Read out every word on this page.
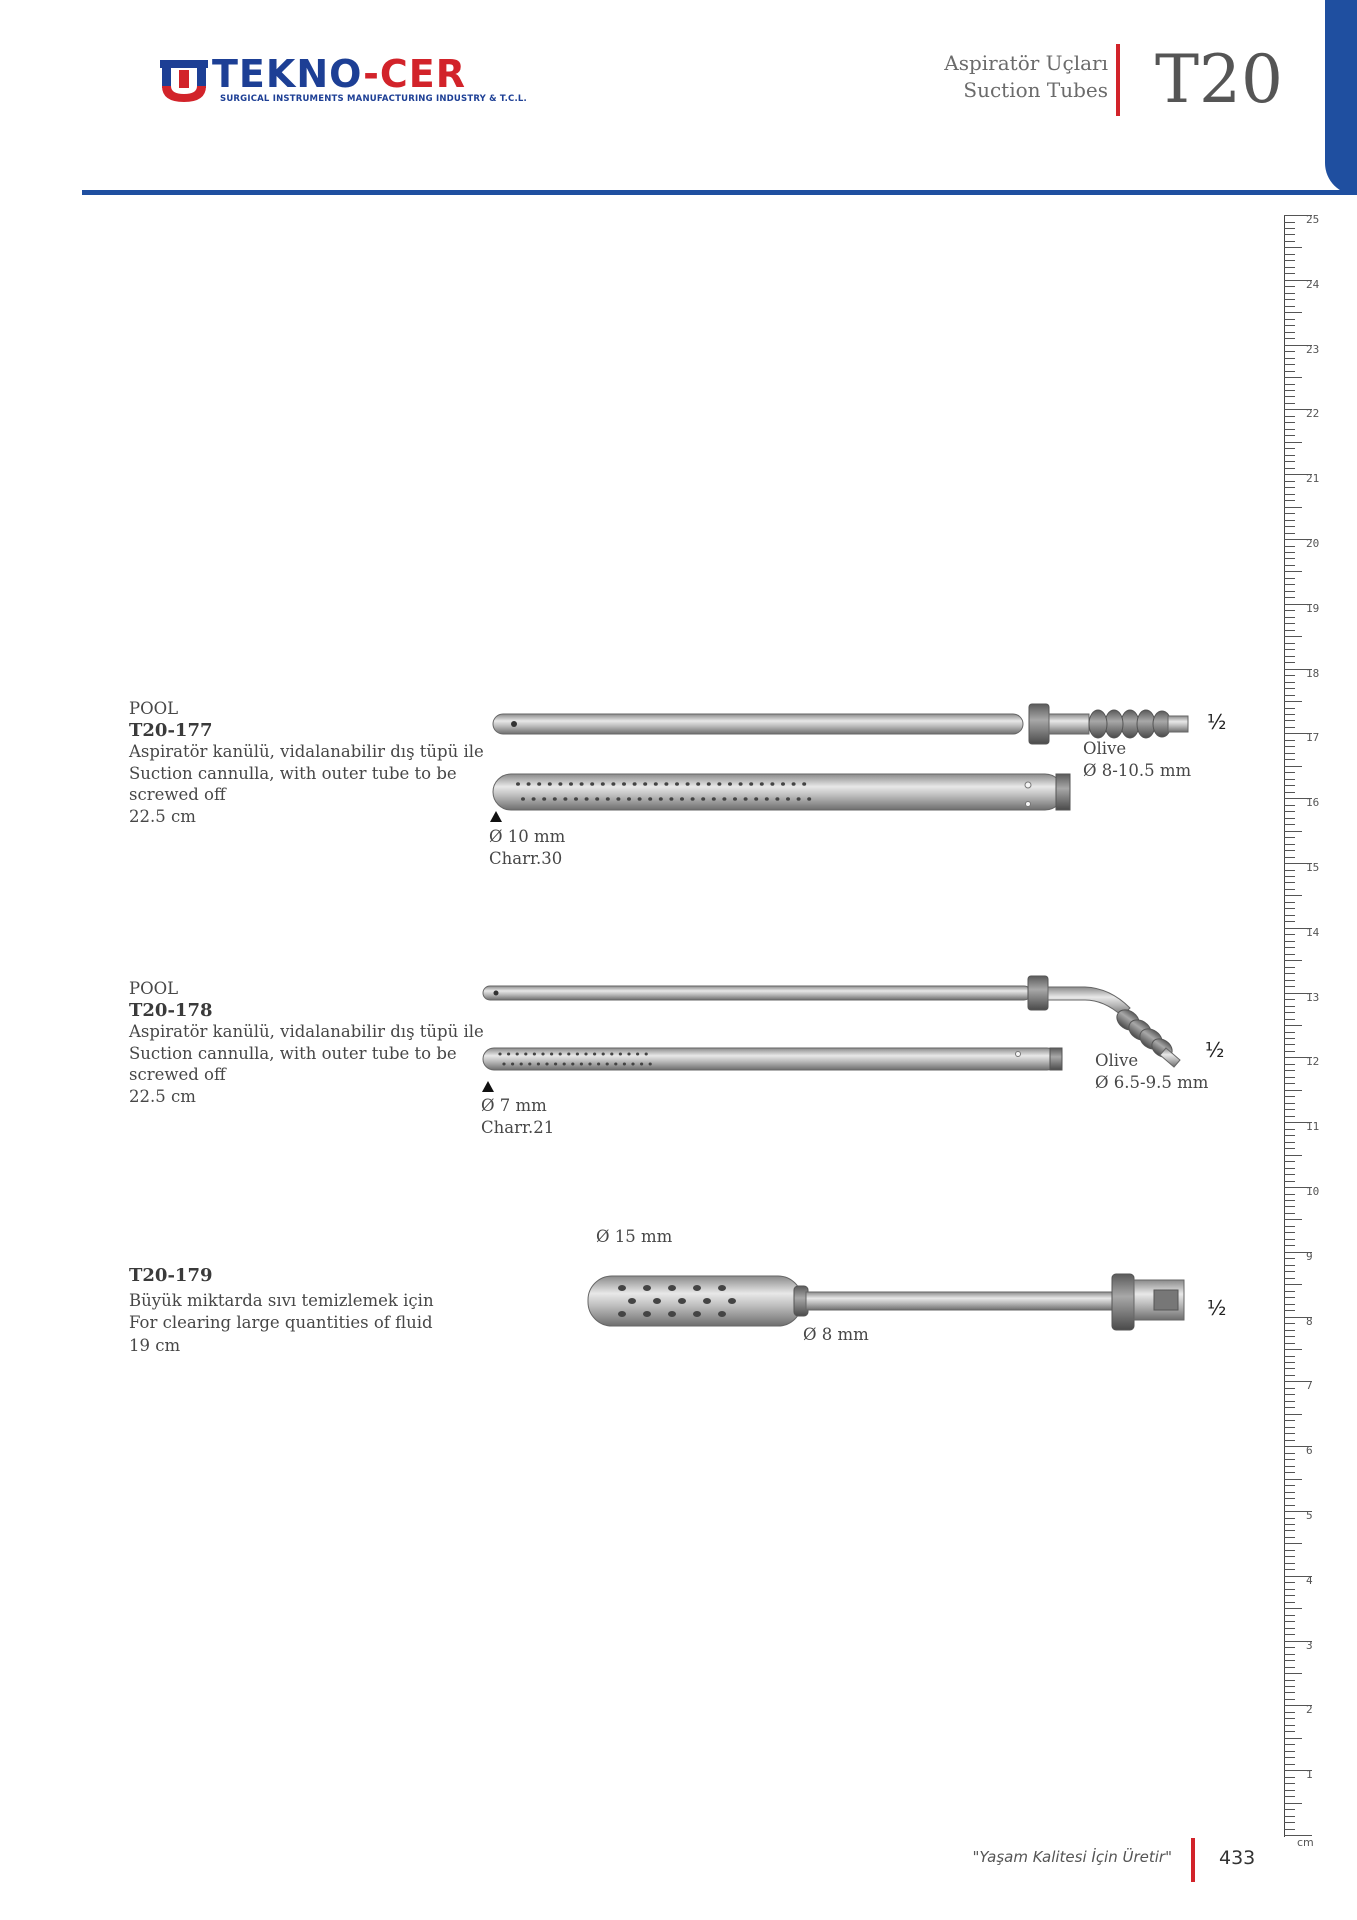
TEKNO-CER
SURGICAL INSTRUMENTS MANUFACTURING INDUSTRY & T.C.L.
Aspiratör Uçları
Suction Tubes T20
25
24
23
22
21
20
19
18
17
16
15
14
13
12
11
10
9
8
7
6
5
4
3
2
1
cm
POOL
T20-177
Aspiratör kanülü, vidalanabilir dış tüpü ile
Suction cannulla, with outer tube to be
screwed off
22.5 cm
½
Olive
Ø 8-10.5 mm
Ø 10 mm
Charr.30
POOL
T20-178
Aspiratör kanülü, vidalanabilir dış tüpü ile
Suction cannulla, with outer tube to be
screwed off
22.5 cm
½
Olive
Ø 6.5-9.5 mm
Ø 7 mm
Charr.21
T20-179
Büyük miktarda sıvı temizlemek için
For clearing large quantities of fluid
19 cm
Ø 15 mm
½
Ø 8 mm
"Yaşam Kalitesi İçin Üretir" 433
